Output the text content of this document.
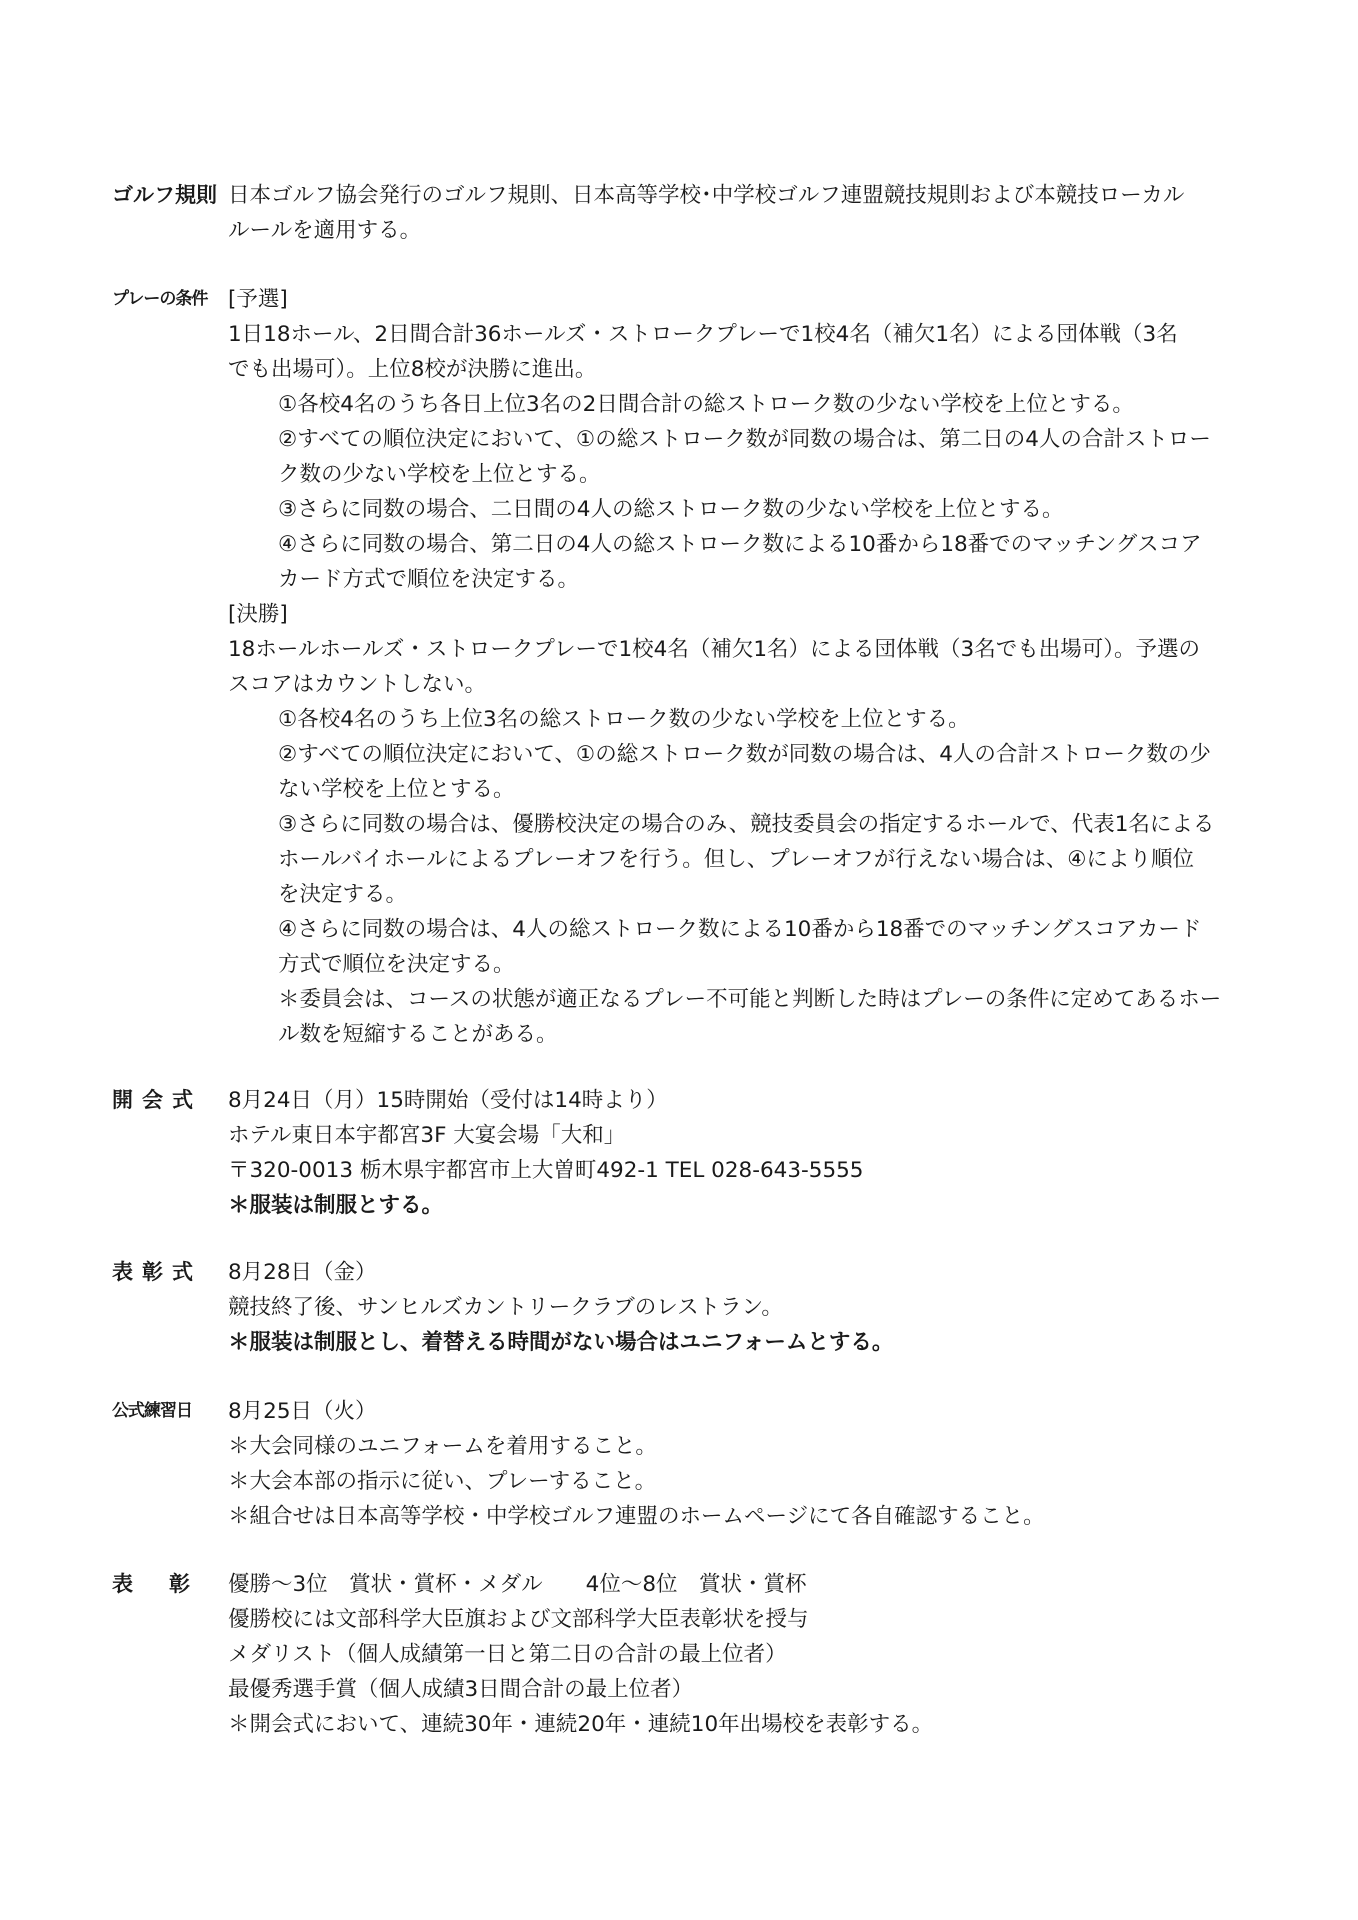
ゴルフ規則 日本ゴルフ協会発行のゴルフ規則、日本高等学校･中学校ゴルフ連盟競技規則および本競技ローカル
ルールを適用する。
プレーの条件 [予選]
1日18ホール、2日間合計36ホールズ・ストロークプレーで1校4名（補欠1名）による団体戦（3名
でも出場可）。上位8校が決勝に進出。
①各校4名のうち各日上位3名の2日間合計の総ストローク数の少ない学校を上位とする。
②すべての順位決定において、①の総ストローク数が同数の場合は、第二日の4人の合計ストロー
ク数の少ない学校を上位とする。
③さらに同数の場合、二日間の4人の総ストローク数の少ない学校を上位とする。
④さらに同数の場合、第二日の4人の総ストローク数による10番から18番でのマッチングスコア
カード方式で順位を決定する。
[決勝]
18ホールホールズ・ストロークプレーで1校4名（補欠1名）による団体戦（3名でも出場可）。予選の
スコアはカウントしない。
①各校4名のうち上位3名の総ストローク数の少ない学校を上位とする。
②すべての順位決定において、①の総ストローク数が同数の場合は、4人の合計ストローク数の少
ない学校を上位とする。
③さらに同数の場合は、優勝校決定の場合のみ、競技委員会の指定するホールで、代表1名による
ホールバイホールによるプレーオフを行う。但し、プレーオフが行えない場合は、④により順位
を決定する。
④さらに同数の場合は、4人の総ストローク数による10番から18番でのマッチングスコアカード
方式で順位を決定する。
＊委員会は、コースの状態が適正なるプレー不可能と判断した時はプレーの条件に定めてあるホー
ル数を短縮することがある。
開会式	8月24日（月）15時開始（受付は14時より）
ホテル東日本宇都宮3F 大宴会場「大和」
〒320-0013 栃木県宇都宮市上大曽町492-1 TEL 028-643-5555
＊服装は制服とする。
表彰式	8月28日（金）
競技終了後、サンヒルズカントリークラブのレストラン。
＊服装は制服とし、着替える時間がない場合はユニフォームとする。
公式練習日	8月25日（火）
＊大会同様のユニフォームを着用すること。
＊大会本部の指示に従い、プレーすること。
＊組合せは日本高等学校・中学校ゴルフ連盟のホームページにて各自確認すること。
表彰 優勝〜3位　賞状・賞杯・メダル　　4位〜8位　賞状・賞杯
優勝校には文部科学大臣旗および文部科学大臣表彰状を授与
メダリスト（個人成績第一日と第二日の合計の最上位者）
最優秀選手賞（個人成績3日間合計の最上位者）
＊開会式において、連続30年・連続20年・連続10年出場校を表彰する。
